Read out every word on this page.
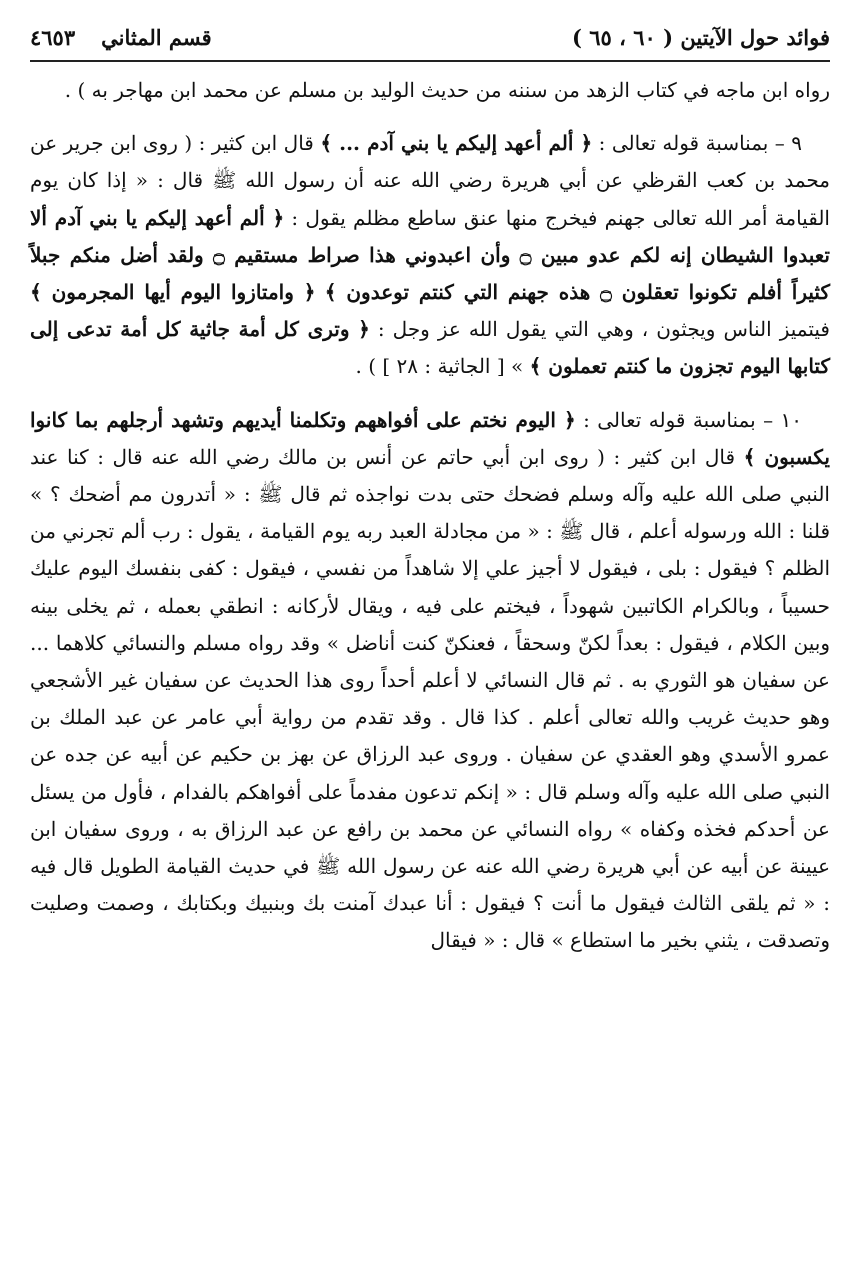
فوائد حول الآيتين ( ٦٠ ، ٦٥ )
قسم المثاني
٤٦٥٣

رواه ابن ماجه في كتاب الزهد من سننه من حديث الوليد بن مسلم عن محمد ابن مهاجر به ) .

٩ – بمناسبة قوله تعالى : ﴿ ألم أعهد إليكم يا بني آدم ... ﴾ قال ابن كثير : ( روى ابن جرير عن محمد بن كعب القرظي عن أبي هريرة رضي الله عنه أن رسول الله ﷺ قال : « إذا كان يوم القيامة أمر الله تعالى جهنم فيخرج منها عنق ساطع مظلم يقول : ﴿ ألم أعهد إليكم يا بني آدم ألا تعبدوا الشيطان إنه لكم عدو مبين ۝ وأن اعبدوني هذا صراط مستقيم ۝ ولقد أضل منكم جبلاً كثيراً أفلم تكونوا تعقلون ۝ هذه جهنم التي كنتم توعدون ﴾ ﴿ وامتازوا اليوم أيها المجرمون ﴾ فيتميز الناس ويجثون ، وهي التي يقول الله عز وجل : ﴿ وترى كل أمة جاثية كل أمة تدعى إلى كتابها اليوم تجزون ما كنتم تعملون ﴾ » [ الجاثية : ٢٨ ] ) .

١٠ – بمناسبة قوله تعالى : ﴿ اليوم نختم على أفواههم وتكلمنا أيديهم وتشهد أرجلهم بما كانوا يكسبون ﴾ قال ابن كثير : ( روى ابن أبي حاتم عن أنس بن مالك رضي الله عنه قال : كنا عند النبي صلى الله عليه وآله وسلم فضحك حتى بدت نواجذه ثم قال ﷺ : « أتدرون مم أضحك ؟ » قلنا : الله ورسوله أعلم ، قال ﷺ : « من مجادلة العبد ربه يوم القيامة ، يقول : رب ألم تجرني من الظلم ؟ فيقول : بلى ، فيقول لا أجيز علي إلا شاهداً من نفسي ، فيقول : كفى بنفسك اليوم عليك حسيباً ، وبالكرام الكاتبين شهوداً ، فيختم على فيه ، ويقال لأركانه : انطقي بعمله ، ثم يخلى بينه وبين الكلام ، فيقول : بعداً لكنّ وسحقاً ، فعنكنّ كنت أناضل » وقد رواه مسلم والنسائي كلاهما ... عن سفيان هو الثوري به . ثم قال النسائي لا أعلم أحداً روى هذا الحديث عن سفيان غير الأشجعي وهو حديث غريب والله تعالى أعلم . كذا قال . وقد تقدم من رواية أبي عامر عن عبد الملك بن عمرو الأسدي وهو العقدي عن سفيان . وروى عبد الرزاق عن بهز بن حكيم عن أبيه عن جده عن النبي صلى الله عليه وآله وسلم قال : « إنكم تدعون مفدماً على أفواهكم بالفدام ، فأول من يسئل عن أحدكم فخذه وكفاه » رواه النسائي عن محمد بن رافع عن عبد الرزاق به ، وروى سفيان ابن عيينة عن أبيه عن أبي هريرة رضي الله عنه عن رسول الله ﷺ في حديث القيامة الطويل قال فيه : « ثم يلقى الثالث فيقول ما أنت ؟ فيقول : أنا عبدك آمنت بك وبنبيك وبكتابك ، وصمت وصليت وتصدقت ، يثني بخير ما استطاع » قال : « فيقال
